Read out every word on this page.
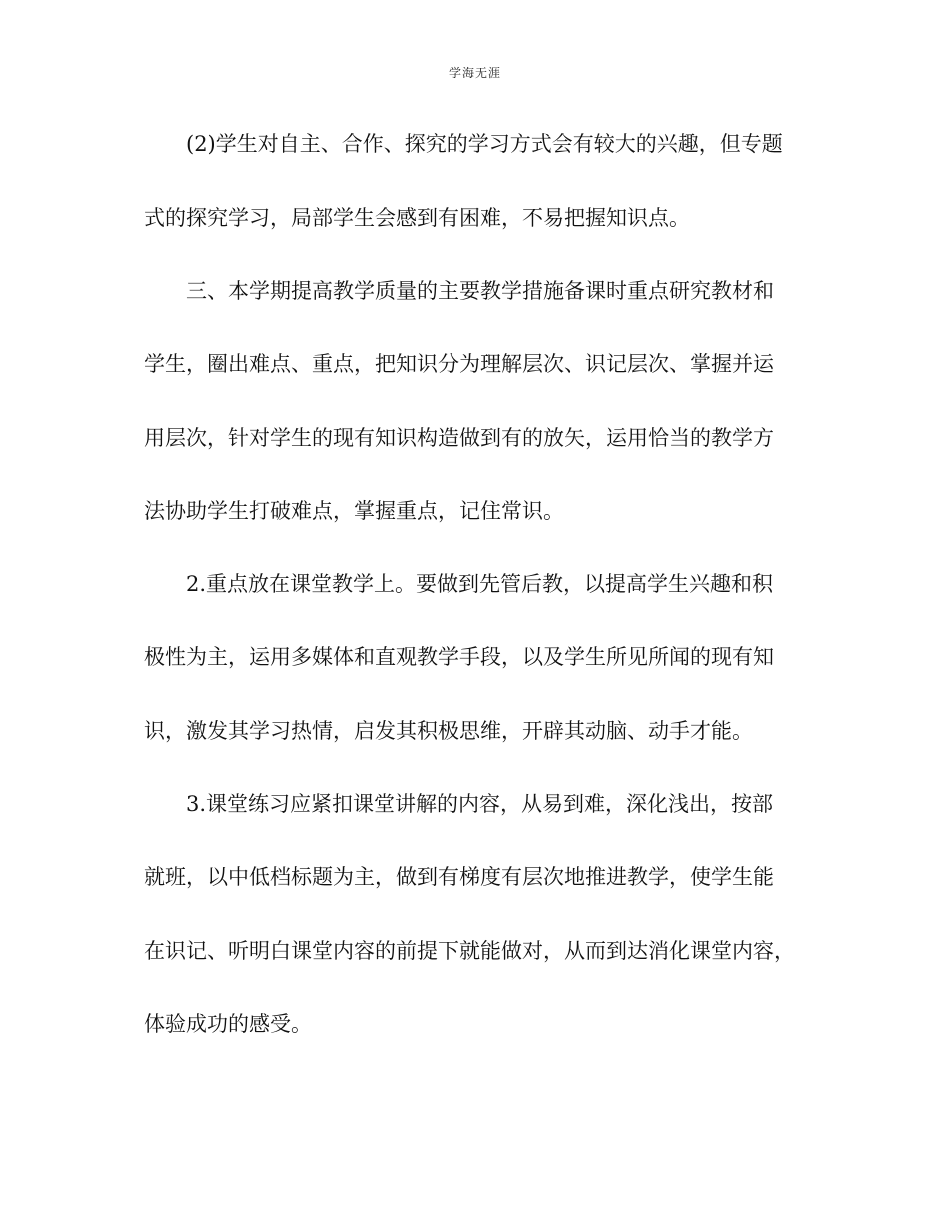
学海无涯
(2)学生对自主、合作、探究的学习方式会有较大的兴趣，但专题
式的探究学习，局部学生会感到有困难，不易把握知识点。
三、本学期提高教学质量的主要教学措施备课时重点研究教材和
学生，圈出难点、重点，把知识分为理解层次、识记层次、掌握并运
用层次，针对学生的现有知识构造做到有的放矢，运用恰当的教学方
法协助学生打破难点，掌握重点，记住常识。
2.重点放在课堂教学上。要做到先管后教，以提高学生兴趣和积
极性为主，运用多媒体和直观教学手段，以及学生所见所闻的现有知
识，激发其学习热情，启发其积极思维，开辟其动脑、动手才能。
3.课堂练习应紧扣课堂讲解的内容，从易到难，深化浅出，按部
就班，以中低档标题为主，做到有梯度有层次地推进教学，使学生能
在识记、听明白课堂内容的前提下就能做对，从而到达消化课堂内容，
体验成功的感受。
